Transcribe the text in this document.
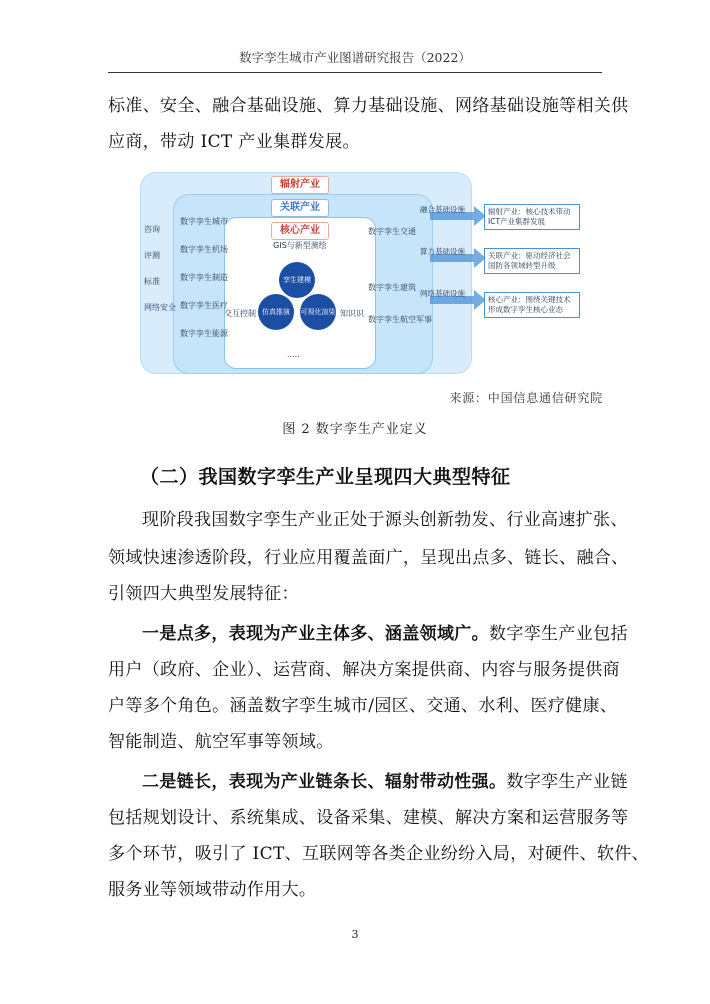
数字孪生城市产业图谱研究报告（2022）
标准、安全、融合基础设施、算力基础设施、网络基础设施等相关供
应商，带动 ICT 产业集群发展。
辐射产业
关联产业
GIS与新型测绘
孪生建模
仿真推演	可视化渲染
.....
核心产业
咨询
评测
标准
网络安全
数字孪生城市
数字孪生机场
数字孪生制造
数字孪生医疗
数字孪生能源
交互控制	知识识
数字孪生交通
数字孪生建筑
数字孪生航空军事
融合基础设施
算力基础设施
网络基础设施
辐射产业：核心技术带动ICT产业集群发展
关联产业：驱动经济社会国防各领域转型升级
核心产业：围绕关键技术形成数字孪生核心业态
来源：中国信息通信研究院
图 2 数字孪生产业定义
（二）我国数字孪生产业呈现四大典型特征
现阶段我国数字孪生产业正处于源头创新勃发、行业高速扩张、
领域快速渗透阶段，行业应用覆盖面广，呈现出点多、链长、融合、
引领四大典型发展特征：
一是点多，表现为产业主体多、涵盖领域广。数字孪生产业包括
用户（政府、企业）、运营商、解决方案提供商、内容与服务提供商
户等多个角色。涵盖数字孪生城市/园区、交通、水利、医疗健康、
智能制造、航空军事等领域。
二是链长，表现为产业链条长、辐射带动性强。数字孪生产业链
包括规划设计、系统集成、设备采集、建模、解决方案和运营服务等
多个环节，吸引了 ICT、互联网等各类企业纷纷入局，对硬件、软件、
服务业等领域带动作用大。
3
